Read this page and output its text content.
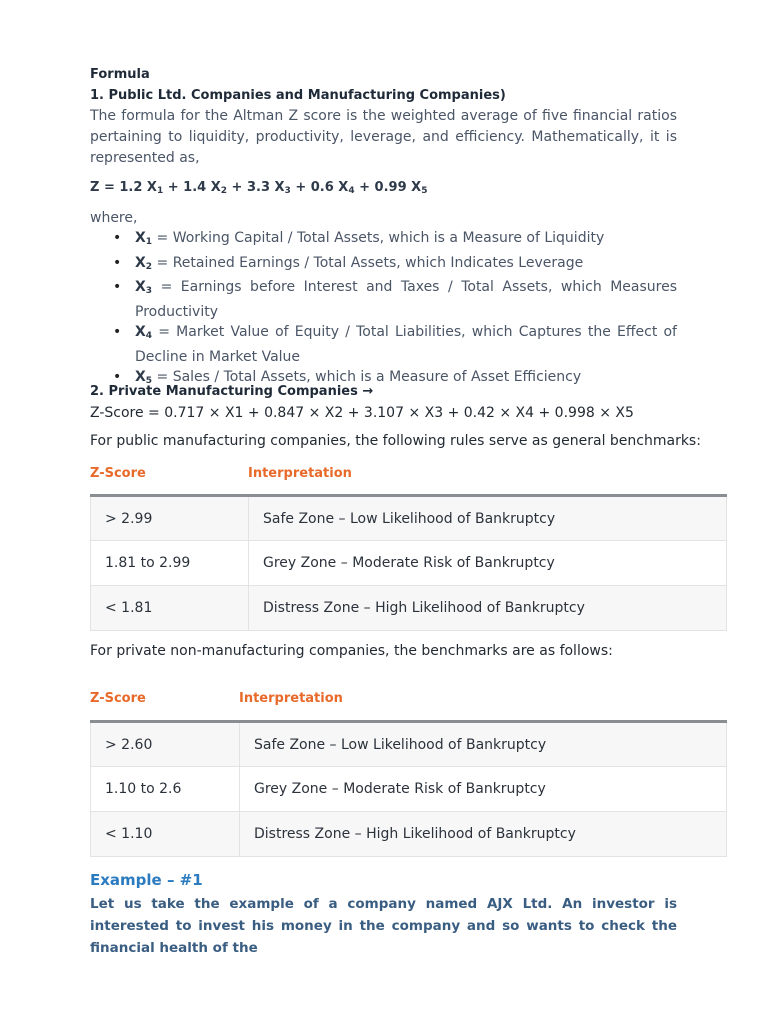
Formula
1. Public Ltd. Companies and Manufacturing Companies)
The formula for the Altman Z score is the weighted average of five financial ratios pertaining to liquidity, productivity, leverage, and efficiency. Mathematically, it is represented as,
Z = 1.2 $X_1 + 1.4$ $X_2 + 3.3$ $X_3 + 0.6$ $X_4 + 0.99$ $X_5$
where,
• $X_1$ = Working Capital / Total Assets, which is a Measure of Liquidity
• $X_2$ = Retained Earnings / Total Assets, which Indicates Leverage
• $X_3$ = Earnings before Interest and Taxes / Total Assets, which Measures Productivity
• $X_4$ = Market Value of Equity / Total Liabilities, which Captures the Effect of Decline in Market Value
• $X_5$ = Sales / Total Assets, which is a Measure of Asset Efficiency
2. Private Manufacturing Companies →
Z-Score = 0.717 × X1 + 0.847 × X2 + 3.107 × X3 + 0.42 × X4 + 0.998 × X5
For public manufacturing companies, the following rules serve as general benchmarks:
Z-Score	Interpretation
> 2.99	Safe Zone – Low Likelihood of Bankruptcy
1.81 to 2.99	Grey Zone – Moderate Risk of Bankruptcy
< 1.81	Distress Zone – High Likelihood of Bankruptcy
For private non-manufacturing companies, the benchmarks are as follows:
Z-Score	Interpretation
> 2.60	Safe Zone – Low Likelihood of Bankruptcy
1.10 to 2.6	Grey Zone – Moderate Risk of Bankruptcy
< 1.10	Distress Zone – High Likelihood of Bankruptcy
Example – #1
Let us take the example of a company named AJX Ltd. An investor is interested to invest his money in the company and so wants to check the financial health of the
